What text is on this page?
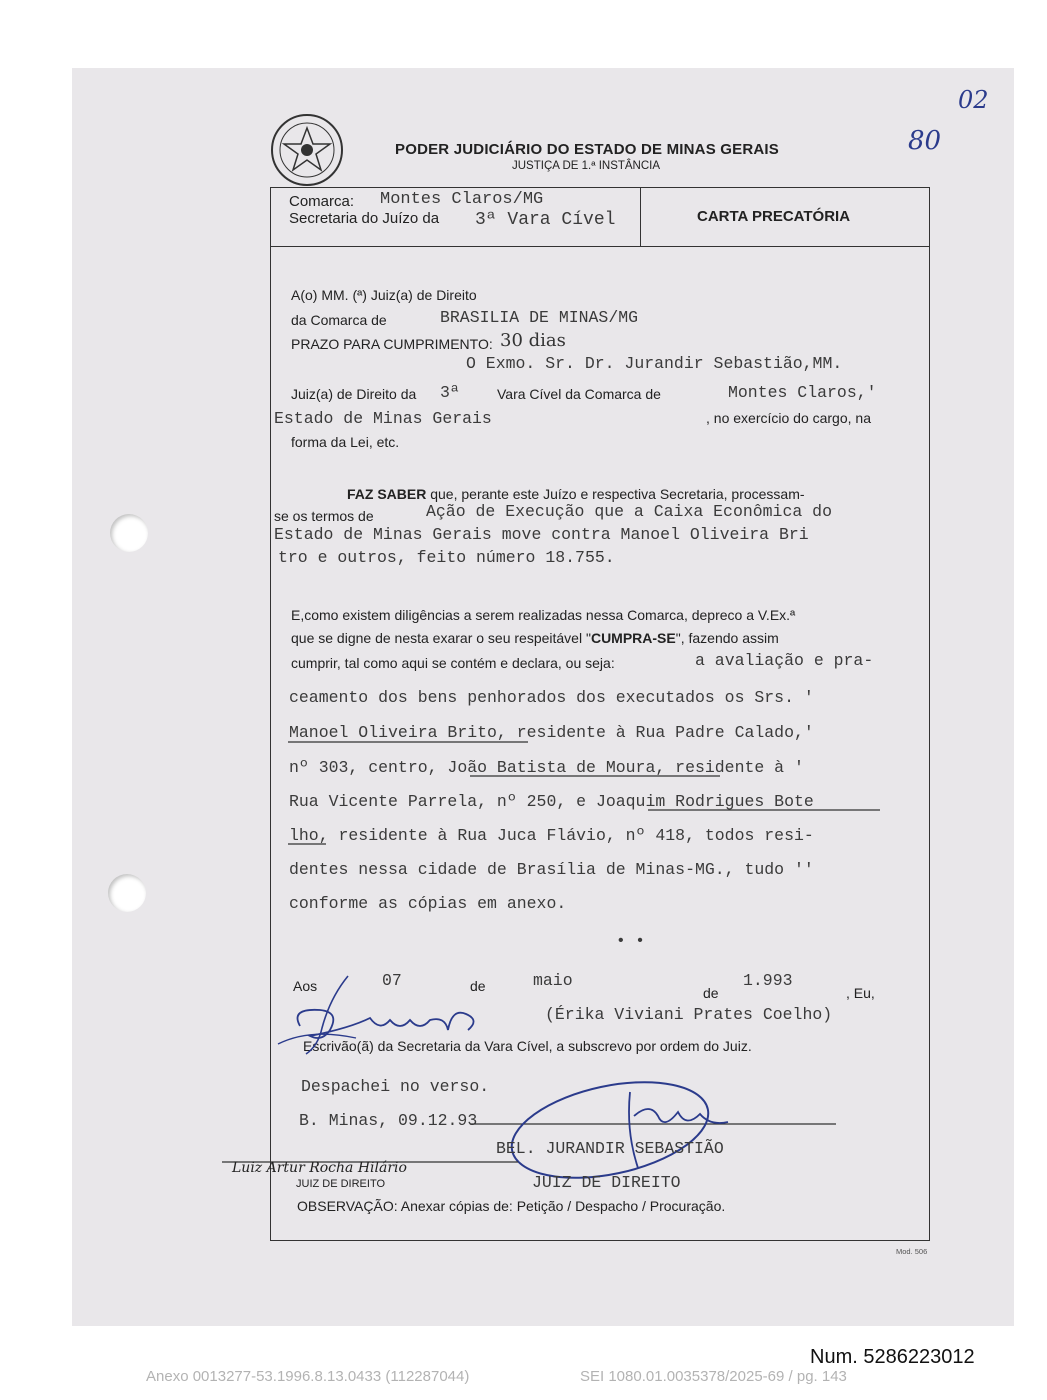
PODER JUDICIÁRIO DO ESTADO DE MINAS GERAIS
JUSTIÇA DE 1.ª INSTÂNCIA
80
02
Comarca: Montes Claros/MG
Secretaria do Juízo da 3ª Vara Cível	CARTA PRECATÓRIA
A(o) MM. (ª) Juiz(a) de Direito
da Comarca de	BRASILIA DE MINAS/MG
PRAZO PARA CUMPRIMENTO: 30 dias
O Exmo. Sr. Dr. Jurandir Sebastião,MM.
Juiz(a) de Direito da 3ª	Vara Cível da Comarca de	Montes Claros,'
Estado de Minas Gerais	, no exercício do cargo, na
forma da Lei, etc.
FAZ SABER que, perante este Juízo e respectiva Secretaria, processam-
se os termos de	Ação de Execução que a Caixa Econômica do
Estado de Minas Gerais move contra Manoel Oliveira Bri
tro e outros, feito número 18.755.
E,como existem diligências a serem realizadas nessa Comarca, depreco a V.Ex.ª
que se digne de nesta exarar o seu respeitável "CUMPRA-SE", fazendo assim
cumprir, tal como aqui se contém e declara, ou seja:	a avaliação e pra-
ceamento dos bens penhorados dos executados os Srs. '
Manoel Oliveira Brito, residente à Rua Padre Calado,'
nº 303, centro, João Batista de Moura, residente à '
Rua Vicente Parrela, nº 250, e Joaquim Rodrigues Bote
lho, residente à Rua Juca Flávio, nº 418, todos resi-
dentes nessa cidade de Brasília de Minas-MG., tudo ''
conforme as cópias em anexo.
• •
Aos	07	de	maio
de
1.993
, Eu,
(Érika Viviani Prates Coelho)
Escrivão(ã) da Secretaria da Vara Cível, a subscrevo por ordem do Juiz.
Despachei no verso.
B. Minas, 09.12.93
BEL. JURANDIR SEBASTIÃO
JUIZ DE DIREITO
Luiz Artur Rocha Hilário
JUIZ DE DIREITO
OBSERVAÇÃO: Anexar cópias de: Petição / Despacho / Procuração.
Mod. 506
Num. 5286223012
Anexo 0013277-53.1996.8.13.0433 (112287044)	SEI 1080.01.0035378/2025-69 / pg. 143
